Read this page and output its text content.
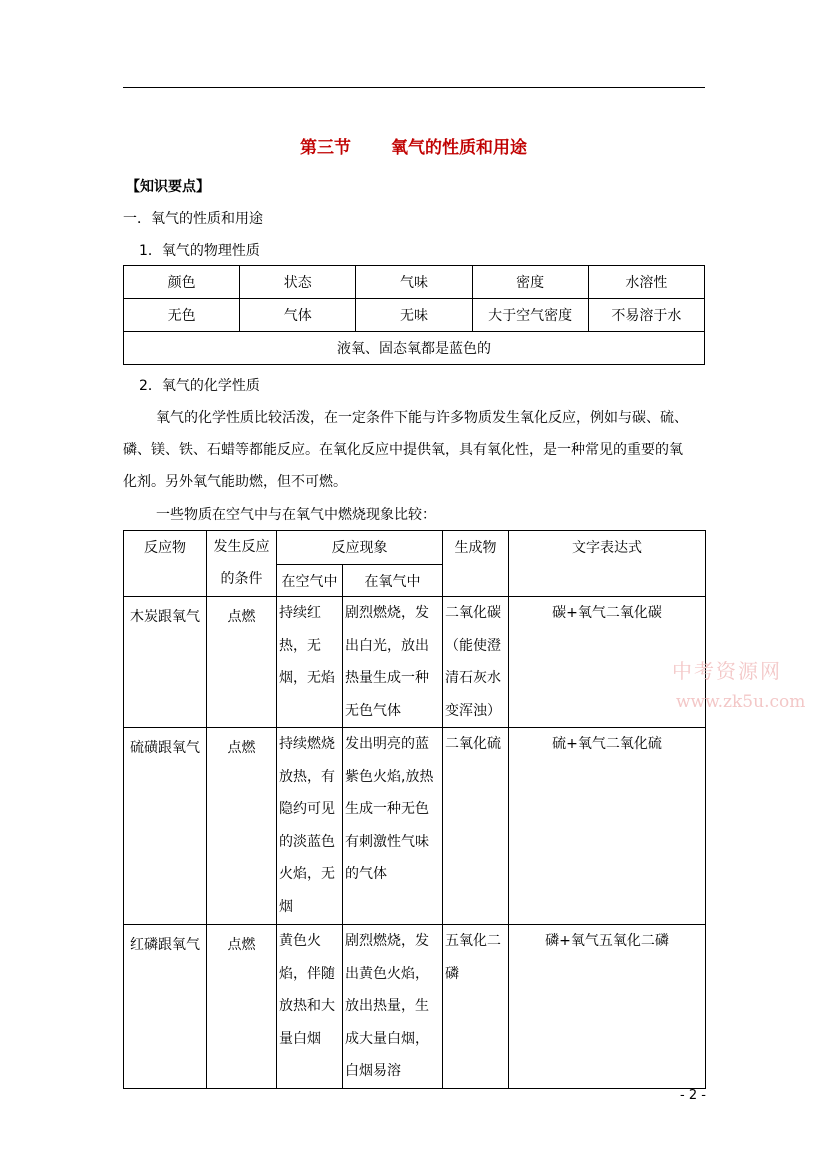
第三节 氧气的性质和用途
【知识要点】
一．氧气的性质和用途
1．氧气的物理性质
颜色	状态	气味	密度	水溶性
无色	气体	无味	大于空气密度	不易溶于水
液氧、固态氧都是蓝色的				
2．氧气的化学性质
氧气的化学性质比较活泼，在一定条件下能与许多物质发生氧化反应，例如与碳、硫、
磷、镁、铁、石蜡等都能反应。在氧化反应中提供氧，具有氧化性，是一种常见的重要的氧
化剂。另外氧气能助燃，但不可燃。
一些物质在空气中与在氧气中燃烧现象比较：
反应物	发生反应
的条件	反应现象		生成物	文字表达式
		在空气中	在氧气中		
木炭跟氧气	点燃	持续红热，无烟，无焰	剧烈燃烧，发出白光，放出热量生成一种无色气体	二氧化碳（能使澄清石灰水变浑浊）	碳+氧气二氧化碳
硫磺跟氧气	点燃	持续燃烧放热，有隐约可见的淡蓝色火焰，无烟	发出明亮的蓝紫色火焰,放热生成一种无色有刺激性气味的气体	二氧化硫	硫+氧气二氧化硫
红磷跟氧气	点燃	黄色火焰，伴随放热和大量白烟	剧烈燃烧，发出黄色火焰，放出热量，生成大量白烟，白烟易溶	五氧化二磷	磷+氧气五氧化二磷
中考资源网
www.zk5u.com
- 2 -
